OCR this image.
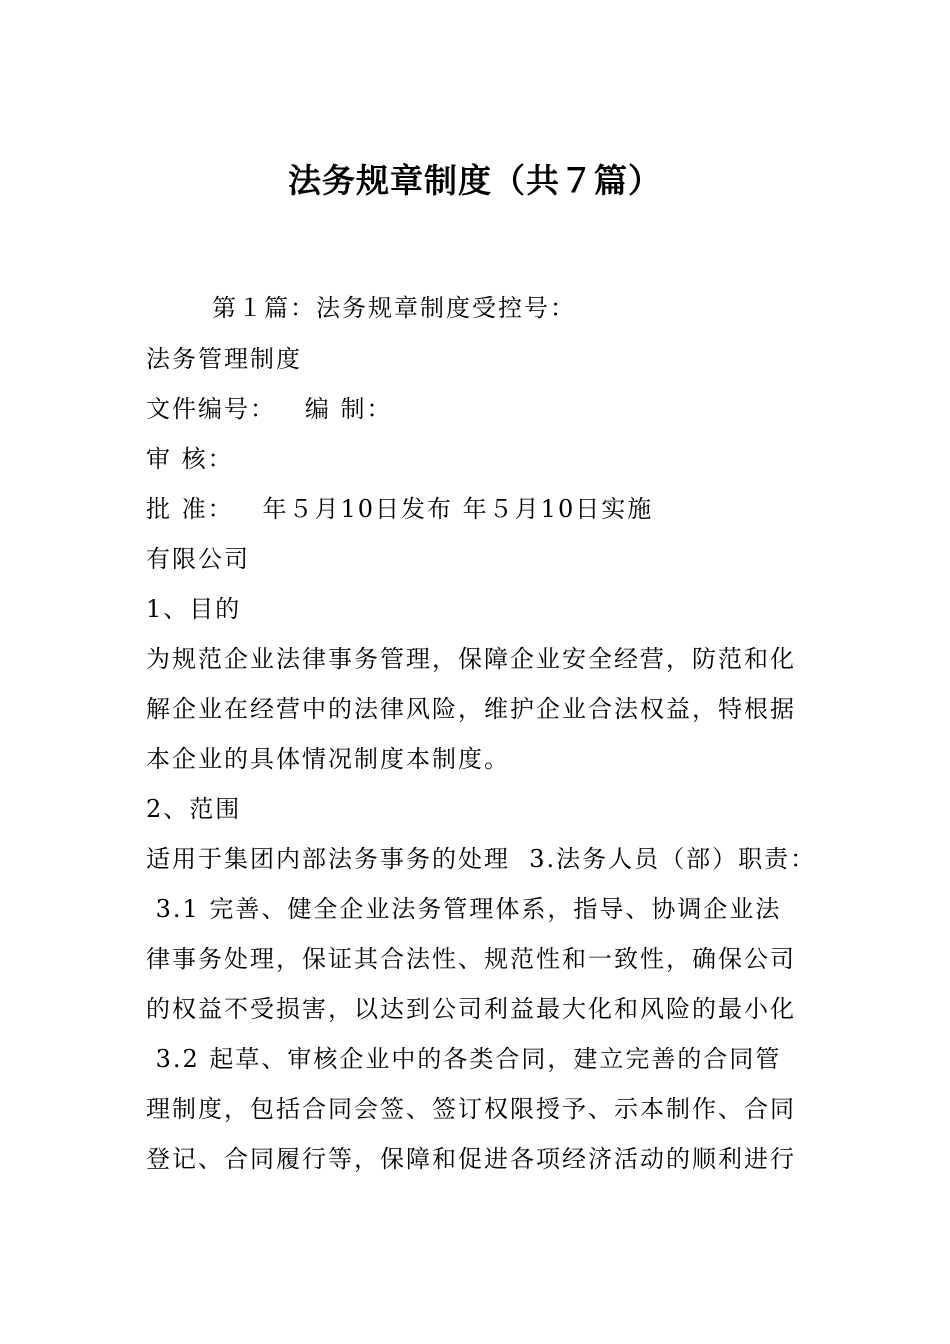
法务规章制度（共７篇）

第１篇：法务规章制度受控号：

法务管理制度

文件编号：   编 制：

审 核：

批 准：   年５月10日发布 年５月10日实施

有限公司

1、目的

为规范企业法律事务管理，保障企业安全经营，防范和化

解企业在经营中的法律风险，维护企业合法权益，特根据

本企业的具体情况制度本制度。

2、范围

适用于集团内部法务事务的处理  3.法务人员（部）职责：

3.1 完善、健全企业法务管理体系，指导、协调企业法

律事务处理，保证其合法性、规范性和一致性，确保公司

的权益不受损害，以达到公司利益最大化和风险的最小化

3.2 起草、审核企业中的各类合同，建立完善的合同管

理制度，包括合同会签、签订权限授予、示本制作、合同

登记、合同履行等，保障和促进各项经济活动的顺利进行
